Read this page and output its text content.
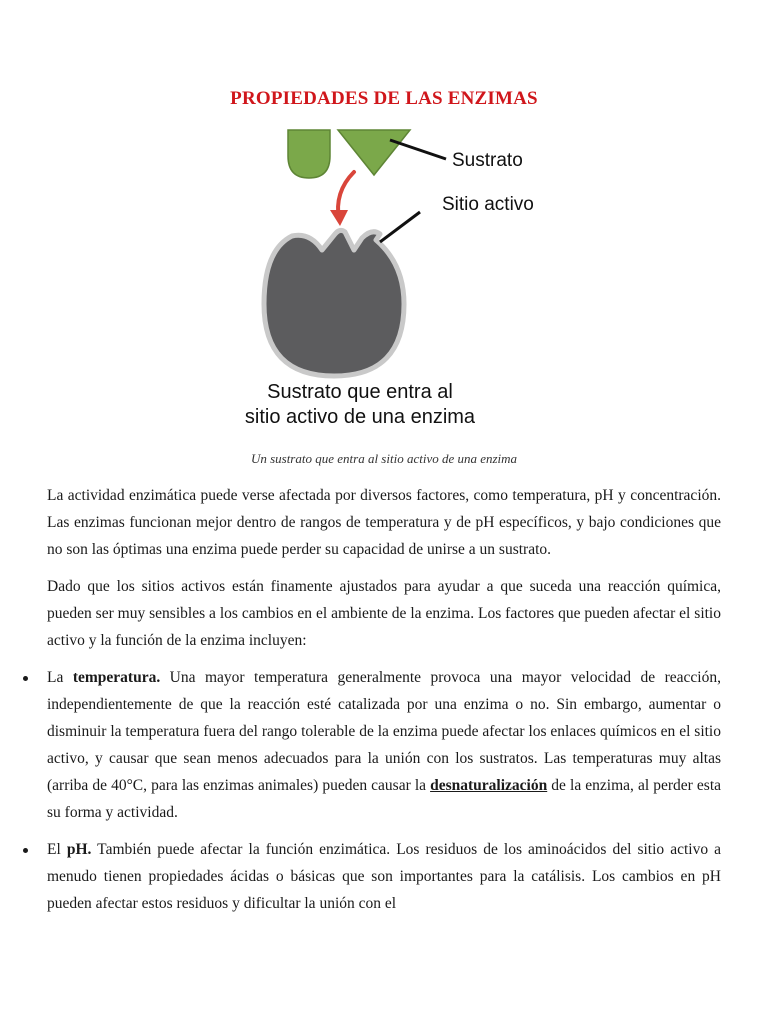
PROPIEDADES DE LAS ENZIMAS
Sustrato
Sitio activo
Sustrato que entra al
sitio activo de una enzima
Un sustrato que entra al sitio activo de una enzima

La actividad enzimática puede verse afectada por diversos factores, como temperatura, pH y concentración. Las enzimas funcionan mejor dentro de rangos de temperatura y de pH específicos, y bajo condiciones que no son las óptimas una enzima puede perder su capacidad de unirse a un sustrato.

Dado que los sitios activos están finamente ajustados para ayudar a que suceda una reacción química, pueden ser muy sensibles a los cambios en el ambiente de la enzima. Los factores que pueden afectar el sitio activo y la función de la enzima incluyen:

La temperatura. Una mayor temperatura generalmente provoca una mayor velocidad de reacción, independientemente de que la reacción esté catalizada por una enzima o no. Sin embargo, aumentar o disminuir la temperatura fuera del rango tolerable de la enzima puede afectar los enlaces químicos en el sitio activo, y causar que sean menos adecuados para la unión con los sustratos. Las temperaturas muy altas (arriba de 40°C, para las enzimas animales) pueden causar la desnaturalización de la enzima, al perder esta su forma y actividad.
El pH. También puede afectar la función enzimática. Los residuos de los aminoácidos del sitio activo a menudo tienen propiedades ácidas o básicas que son importantes para la catálisis. Los cambios en pH pueden afectar estos residuos y dificultar la unión con el
